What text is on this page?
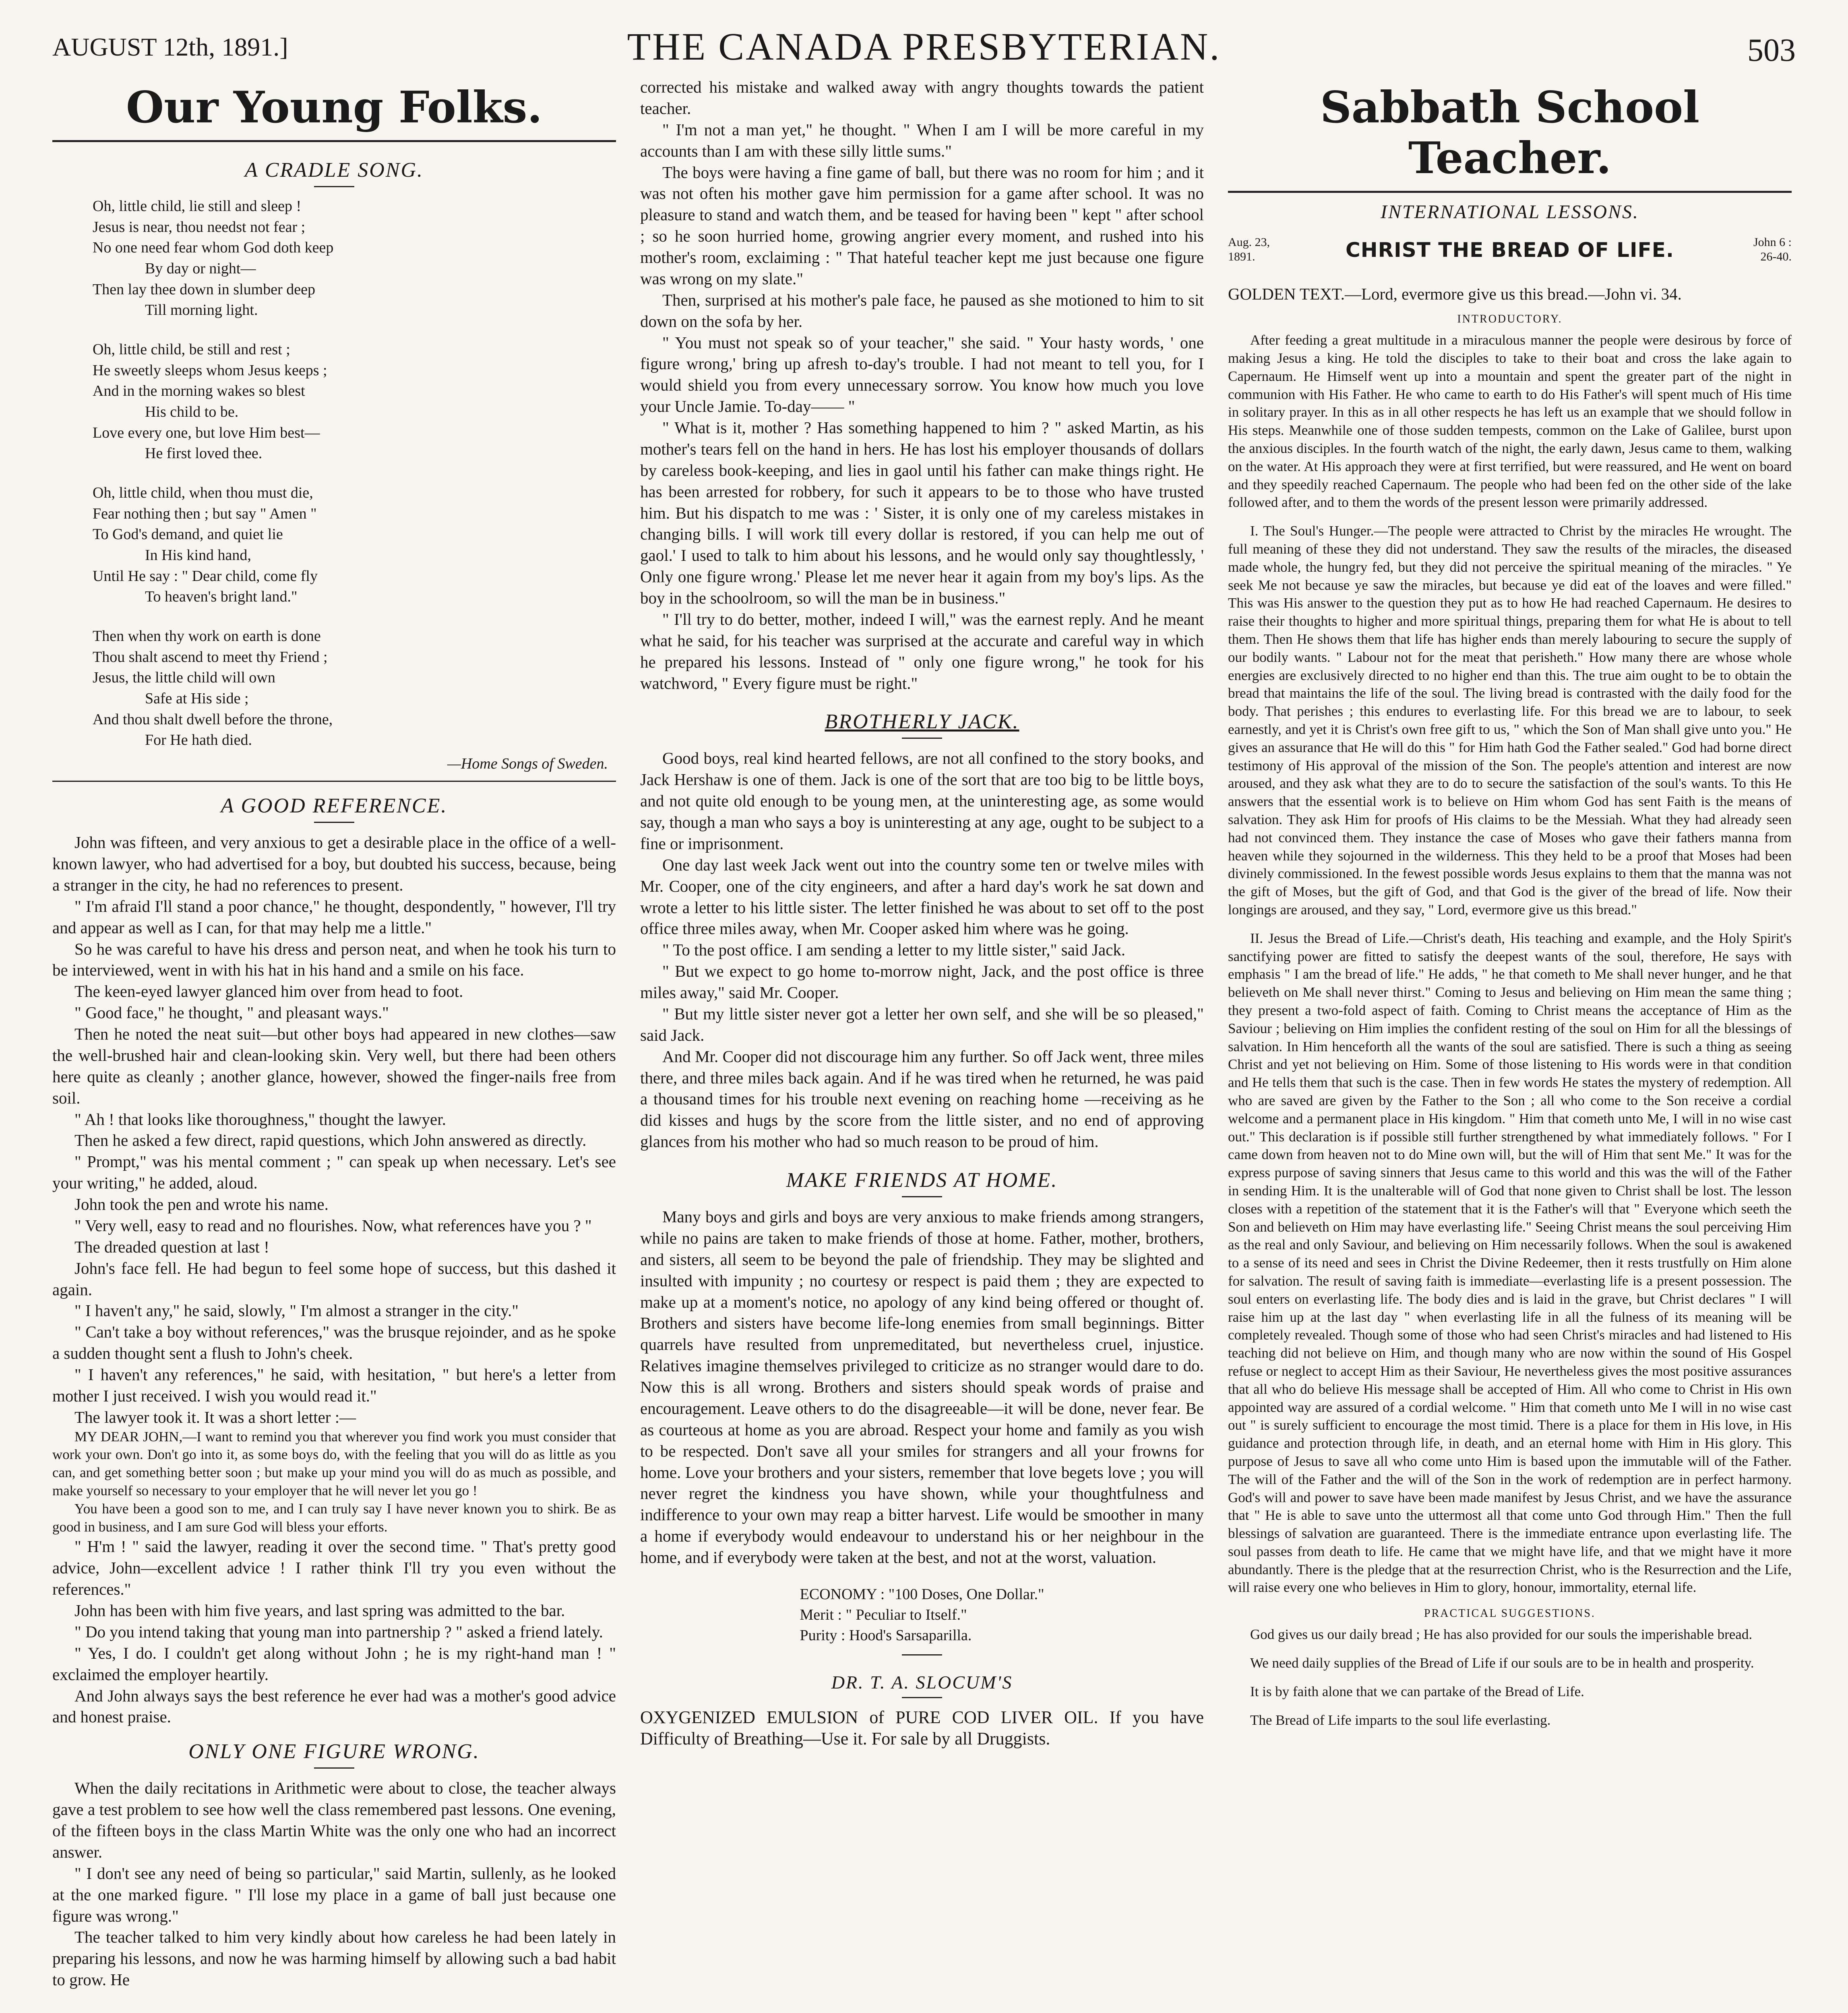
AUGUST 12th, 1891.]	THE CANADA PRESBYTERIAN.	503
Our Young Folks.
A CRADLE SONG.
Oh, little child, lie still and sleep !
Jesus is near, thou needst not fear ;
No one need fear whom God doth keep
By day or night—
Then lay thee down in slumber deep
Till morning light.
Oh, little child, be still and rest ;
He sweetly sleeps whom Jesus keeps ;
And in the morning wakes so blest
His child to be.
Love every one, but love Him best—
He first loved thee.
Oh, little child, when thou must die,
Fear nothing then ; but say " Amen "
To God's demand, and quiet lie
In His kind hand,
Until He say : " Dear child, come fly
To heaven's bright land."
Then when thy work on earth is done
Thou shalt ascend to meet thy Friend ;
Jesus, the little child will own
Safe at His side ;
And thou shalt dwell before the throne,
For He hath died.
—Home Songs of Sweden.
A GOOD REFERENCE.

John was fifteen, and very anxious to get a desirable place in the office of a well-known lawyer, who had advertised for a boy, but doubted his success, because, being a stranger in the city, he had no references to present.

" I'm afraid I'll stand a poor chance," he thought, despondently, " however, I'll try and appear as well as I can, for that may help me a little."

So he was careful to have his dress and person neat, and when he took his turn to be interviewed, went in with his hat in his hand and a smile on his face.

The keen-eyed lawyer glanced him over from head to foot.

" Good face," he thought, " and pleasant ways."

Then he noted the neat suit—but other boys had appeared in new clothes—saw the well-brushed hair and clean-looking skin. Very well, but there had been others here quite as cleanly ; another glance, however, showed the finger-nails free from soil.

" Ah ! that looks like thoroughness," thought the lawyer.

Then he asked a few direct, rapid questions, which John answered as directly.

" Prompt," was his mental comment ; " can speak up when necessary. Let's see your writing," he added, aloud.

John took the pen and wrote his name.

" Very well, easy to read and no flourishes. Now, what references have you ? "

The dreaded question at last !

John's face fell. He had begun to feel some hope of success, but this dashed it again.

" I haven't any," he said, slowly, " I'm almost a stranger in the city."

" Can't take a boy without references," was the brusque rejoinder, and as he spoke a sudden thought sent a flush to John's cheek.

" I haven't any references," he said, with hesitation, " but here's a letter from mother I just received. I wish you would read it."

The lawyer took it. It was a short letter :—

MY DEAR JOHN,—I want to remind you that wherever you find work you must consider that work your own. Don't go into it, as some boys do, with the feeling that you will do as little as you can, and get something better soon ; but make up your mind you will do as much as possible, and make yourself so necessary to your employer that he will never let you go !

You have been a good son to me, and I can truly say I have never known you to shirk. Be as good in business, and I am sure God will bless your efforts.

" H'm ! " said the lawyer, reading it over the second time. " That's pretty good advice, John—excellent advice ! I rather think I'll try you even without the references."

John has been with him five years, and last spring was admitted to the bar.

" Do you intend taking that young man into partnership ? " asked a friend lately.

" Yes, I do. I couldn't get along without John ; he is my right-hand man ! " exclaimed the employer heartily.

And John always says the best reference he ever had was a mother's good advice and honest praise.

ONLY ONE FIGURE WRONG.

When the daily recitations in Arithmetic were about to close, the teacher always gave a test problem to see how well the class remembered past lessons. One evening, of the fifteen boys in the class Martin White was the only one who had an incorrect answer.

" I don't see any need of being so particular," said Martin, sullenly, as he looked at the one marked figure. " I'll lose my place in a game of ball just because one figure was wrong."

The teacher talked to him very kindly about how careless he had been lately in preparing his lessons, and now he was harming himself by allowing such a bad habit to grow. He

corrected his mistake and walked away with angry thoughts towards the patient teacher.

" I'm not a man yet," he thought. " When I am I will be more careful in my accounts than I am with these silly little sums."

The boys were having a fine game of ball, but there was no room for him ; and it was not often his mother gave him permission for a game after school. It was no pleasure to stand and watch them, and be teased for having been " kept " after school ; so he soon hurried home, growing angrier every moment, and rushed into his mother's room, exclaiming : " That hateful teacher kept me just because one figure was wrong on my slate."

Then, surprised at his mother's pale face, he paused as she motioned to him to sit down on the sofa by her.

" You must not speak so of your teacher," she said. " Your hasty words, ' one figure wrong,' bring up afresh to-day's trouble. I had not meant to tell you, for I would shield you from every unnecessary sorrow. You know how much you love your Uncle Jamie. To-day—— "

" What is it, mother ? Has something happened to him ? " asked Martin, as his mother's tears fell on the hand in hers. He has lost his employer thousands of dollars by careless book-keeping, and lies in gaol until his father can make things right. He has been arrested for robbery, for such it appears to be to those who have trusted him. But his dispatch to me was : ' Sister, it is only one of my careless mistakes in changing bills. I will work till every dollar is restored, if you can help me out of gaol.' I used to talk to him about his lessons, and he would only say thoughtlessly, ' Only one figure wrong.' Please let me never hear it again from my boy's lips. As the boy in the schoolroom, so will the man be in business."

" I'll try to do better, mother, indeed I will," was the earnest reply. And he meant what he said, for his teacher was surprised at the accurate and careful way in which he prepared his lessons. Instead of " only one figure wrong," he took for his watchword, " Every figure must be right."

BROTHERLY JACK.

Good boys, real kind hearted fellows, are not all confined to the story books, and Jack Hershaw is one of them. Jack is one of the sort that are too big to be little boys, and not quite old enough to be young men, at the uninteresting age, as some would say, though a man who says a boy is uninteresting at any age, ought to be subject to a fine or imprisonment.

One day last week Jack went out into the country some ten or twelve miles with Mr. Cooper, one of the city engineers, and after a hard day's work he sat down and wrote a letter to his little sister. The letter finished he was about to set off to the post office three miles away, when Mr. Cooper asked him where was he going.

" To the post office. I am sending a letter to my little sister," said Jack.

" But we expect to go home to-morrow night, Jack, and the post office is three miles away," said Mr. Cooper.

" But my little sister never got a letter her own self, and she will be so pleased," said Jack.

And Mr. Cooper did not discourage him any further. So off Jack went, three miles there, and three miles back again. And if he was tired when he returned, he was paid a thousand times for his trouble next evening on reaching home —receiving as he did kisses and hugs by the score from the little sister, and no end of approving glances from his mother who had so much reason to be proud of him.

MAKE FRIENDS AT HOME.

Many boys and girls and boys are very anxious to make friends among strangers, while no pains are taken to make friends of those at home. Father, mother, brothers, and sisters, all seem to be beyond the pale of friendship. They may be slighted and insulted with impunity ; no courtesy or respect is paid them ; they are expected to make up at a moment's notice, no apology of any kind being offered or thought of. Brothers and sisters have become life-long enemies from small beginnings. Bitter quarrels have resulted from unpremeditated, but nevertheless cruel, injustice. Relatives imagine themselves privileged to criticize as no stranger would dare to do. Now this is all wrong. Brothers and sisters should speak words of praise and encouragement. Leave others to do the disagreeable—it will be done, never fear. Be as courteous at home as you are abroad. Respect your home and family as you wish to be respected. Don't save all your smiles for strangers and all your frowns for home. Love your brothers and your sisters, remember that love begets love ; you will never regret the kindness you have shown, while your thoughtfulness and indifference to your own may reap a bitter harvest. Life would be smoother in many a home if everybody would endeavour to understand his or her neighbour in the home, and if everybody were taken at the best, and not at the worst, valuation.

ECONOMY : "100 Doses, One Dollar."
Merit : " Peculiar to Itself."
Purity : Hood's Sarsaparilla.
DR. T. A. SLOCUM'S
OXYGENIZED EMULSION of PURE COD LIVER OIL. If you have Difficulty of Breathing—Use it. For sale by all Druggists.
Sabbath School Teacher.
INTERNATIONAL LESSONS.
Aug. 23,
1891.	CHRIST THE BREAD OF LIFE.	John 6 :
26-40.
GOLDEN TEXT.—Lord, evermore give us this bread.—John vi. 34.
INTRODUCTORY.

After feeding a great multitude in a miraculous manner the people were desirous by force of making Jesus a king. He told the disciples to take to their boat and cross the lake again to Capernaum. He Himself went up into a mountain and spent the greater part of the night in communion with His Father. He who came to earth to do His Father's will spent much of His time in solitary prayer. In this as in all other respects he has left us an example that we should follow in His steps. Meanwhile one of those sudden tempests, common on the Lake of Galilee, burst upon the anxious disciples. In the fourth watch of the night, the early dawn, Jesus came to them, walking on the water. At His approach they were at first terrified, but were reassured, and He went on board and they speedily reached Capernaum. The people who had been fed on the other side of the lake followed after, and to them the words of the present lesson were primarily addressed.

I. The Soul's Hunger.—The people were attracted to Christ by the miracles He wrought. The full meaning of these they did not understand. They saw the results of the miracles, the diseased made whole, the hungry fed, but they did not perceive the spiritual meaning of the miracles. " Ye seek Me not because ye saw the miracles, but because ye did eat of the loaves and were filled." This was His answer to the question they put as to how He had reached Capernaum. He desires to raise their thoughts to higher and more spiritual things, preparing them for what He is about to tell them. Then He shows them that life has higher ends than merely labouring to secure the supply of our bodily wants. " Labour not for the meat that perisheth." How many there are whose whole energies are exclusively directed to no higher end than this. The true aim ought to be to obtain the bread that maintains the life of the soul. The living bread is contrasted with the daily food for the body. That perishes ; this endures to everlasting life. For this bread we are to labour, to seek earnestly, and yet it is Christ's own free gift to us, " which the Son of Man shall give unto you." He gives an assurance that He will do this " for Him hath God the Father sealed." God had borne direct testimony of His approval of the mission of the Son. The people's attention and interest are now aroused, and they ask what they are to do to secure the satisfaction of the soul's wants. To this He answers that the essential work is to believe on Him whom God has sent Faith is the means of salvation. They ask Him for proofs of His claims to be the Messiah. What they had already seen had not convinced them. They instance the case of Moses who gave their fathers manna from heaven while they sojourned in the wilderness. This they held to be a proof that Moses had been divinely commissioned. In the fewest possible words Jesus explains to them that the manna was not the gift of Moses, but the gift of God, and that God is the giver of the bread of life. Now their longings are aroused, and they say, " Lord, evermore give us this bread."

II. Jesus the Bread of Life.—Christ's death, His teaching and example, and the Holy Spirit's sanctifying power are fitted to satisfy the deepest wants of the soul, therefore, He says with emphasis " I am the bread of life." He adds, " he that cometh to Me shall never hunger, and he that believeth on Me shall never thirst." Coming to Jesus and believing on Him mean the same thing ; they present a two-fold aspect of faith. Coming to Christ means the acceptance of Him as the Saviour ; believing on Him implies the confident resting of the soul on Him for all the blessings of salvation. In Him henceforth all the wants of the soul are satisfied. There is such a thing as seeing Christ and yet not believing on Him. Some of those listening to His words were in that condition and He tells them that such is the case. Then in few words He states the mystery of redemption. All who are saved are given by the Father to the Son ; all who come to the Son receive a cordial welcome and a permanent place in His kingdom. " Him that cometh unto Me, I will in no wise cast out." This declaration is if possible still further strengthened by what immediately follows. " For I came down from heaven not to do Mine own will, but the will of Him that sent Me." It was for the express purpose of saving sinners that Jesus came to this world and this was the will of the Father in sending Him. It is the unalterable will of God that none given to Christ shall be lost. The lesson closes with a repetition of the statement that it is the Father's will that " Everyone which seeth the Son and believeth on Him may have everlasting life." Seeing Christ means the soul perceiving Him as the real and only Saviour, and believing on Him necessarily follows. When the soul is awakened to a sense of its need and sees in Christ the Divine Redeemer, then it rests trustfully on Him alone for salvation. The result of saving faith is immediate—everlasting life is a present possession. The soul enters on everlasting life. The body dies and is laid in the grave, but Christ declares " I will raise him up at the last day " when everlasting life in all the fulness of its meaning will be completely revealed. Though some of those who had seen Christ's miracles and had listened to His teaching did not believe on Him, and though many who are now within the sound of His Gospel refuse or neglect to accept Him as their Saviour, He nevertheless gives the most positive assurances that all who do believe His message shall be accepted of Him. All who come to Christ in His own appointed way are assured of a cordial welcome. " Him that cometh unto Me I will in no wise cast out " is surely sufficient to encourage the most timid. There is a place for them in His love, in His guidance and protection through life, in death, and an eternal home with Him in His glory. This purpose of Jesus to save all who come unto Him is based upon the immutable will of the Father. The will of the Father and the will of the Son in the work of redemption are in perfect harmony. God's will and power to save have been made manifest by Jesus Christ, and we have the assurance that " He is able to save unto the uttermost all that come unto God through Him." Then the full blessings of salvation are guaranteed. There is the immediate entrance upon everlasting life. The soul passes from death to life. He came that we might have life, and that we might have it more abundantly. There is the pledge that at the resurrection Christ, who is the Resurrection and the Life, will raise every one who believes in Him to glory, honour, immortality, eternal life.

PRACTICAL SUGGESTIONS.

God gives us our daily bread ; He has also provided for our souls the imperishable bread.

We need daily supplies of the Bread of Life if our souls are to be in health and prosperity.

It is by faith alone that we can partake of the Bread of Life.

The Bread of Life imparts to the soul life everlasting.
